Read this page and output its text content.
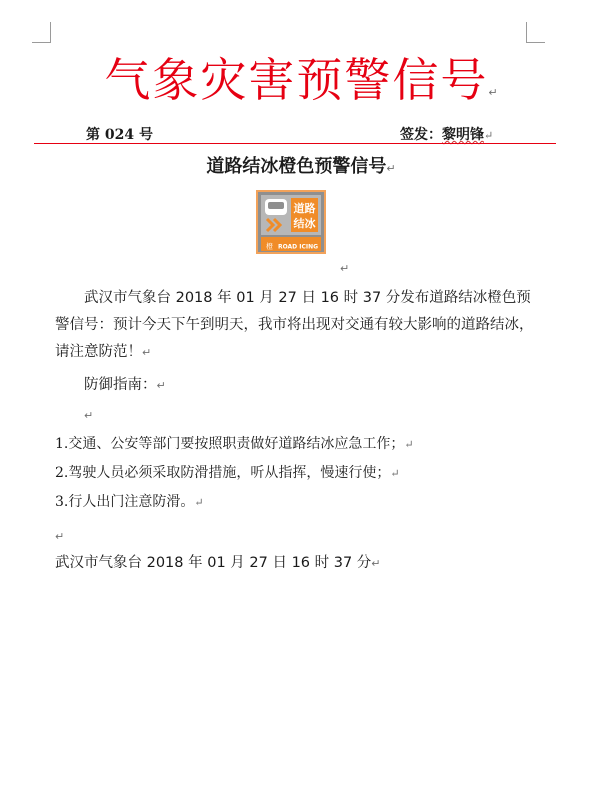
气象灾害预警信号↵
第 024 号	签发：黎明锋↵
道路结冰橙色预警信号↵
道路
结冰
橙 ROAD ICING
↵
武汉市气象台 2018 年 01 月 27 日 16 时 37 分发布道路结冰橙色预警信号：预计今天下午到明天，我市将出现对交通有较大影响的道路结冰，请注意防范！↵
防御指南：↵
↵
1.交通、公安等部门要按照职责做好道路结冰应急工作；↵
2.驾驶人员必须采取防滑措施，听从指挥，慢速行使；↵
3.行人出门注意防滑。↵
↵
武汉市气象台 2018 年 01 月 27 日 16 时 37 分↵
